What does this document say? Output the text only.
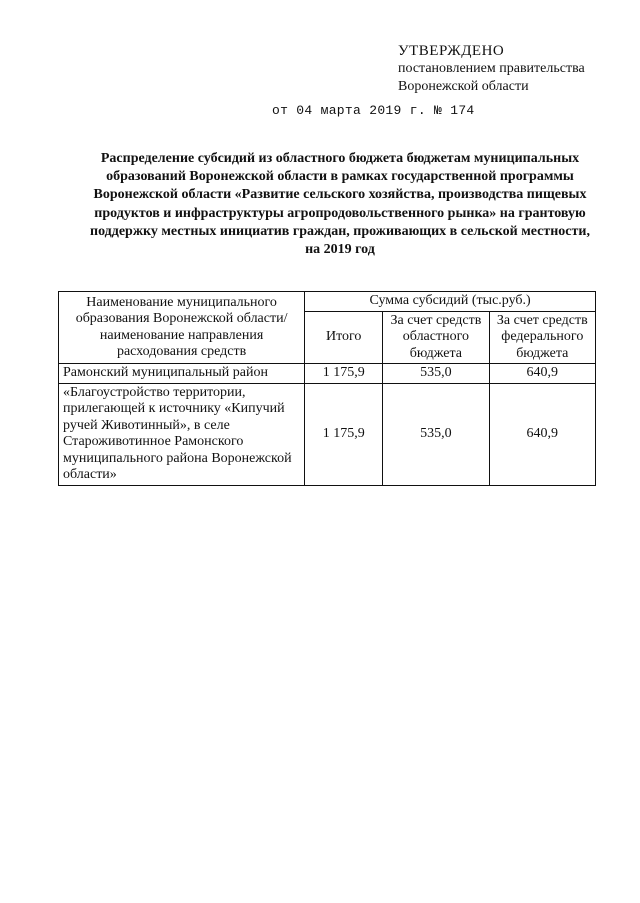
УТВЕРЖДЕНО
постановлением правительства
Воронежской области
от 04 марта 2019 г. № 174
Распределение субсидий из областного бюджета бюджетам муниципальных образований Воронежской области в рамках государственной программы Воронежской области «Развитие сельского хозяйства, производства пищевых продуктов и инфраструктуры агропродовольственного рынка» на грантовую поддержку местных инициатив граждан, проживающих в сельской местности, на 2019 год
Наименование муниципального образования Воронежской области/наименование направления расходования средств	Сумма субсидий (тыс.руб.)		
	Итого	За счет средств областного бюджета	За счет средств федерального бюджета
Рамонский муниципальный район	1 175,9	535,0	640,9
«Благоустройство территории, прилегающей к источнику «Кипучий ручей Животинный», в селе Староживотинное Рамонского муниципального района Воронежской области»	1 175,9	535,0	640,9
